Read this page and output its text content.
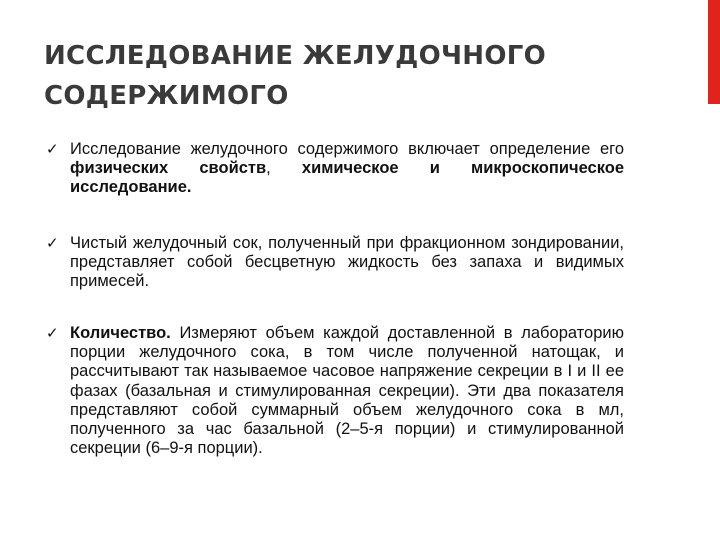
ИССЛЕДОВАНИЕ ЖЕЛУДОЧНОГО СОДЕРЖИМОГО
✓ Исследование желудочного содержимого включает определение его физических свойств, химическое и микроскопическое исследование.
✓ Чистый желудочный сок, полученный при фракционном зондировании, представляет собой бесцветную жидкость без запаха и видимых примесей.
✓ Количество. Измеряют объем каждой доставленной в лабораторию порции желудочного сока, в том числе полученной натощак, и рассчитывают так называемое часовое напряжение секреции в I и II ее фазах (базальная и стимулированная секреции). Эти два показателя представляют собой суммарный объем желудочного сока в мл, полученного за час базальной (2–5-я порции) и стимулированной секреции (6–9-я порции).
